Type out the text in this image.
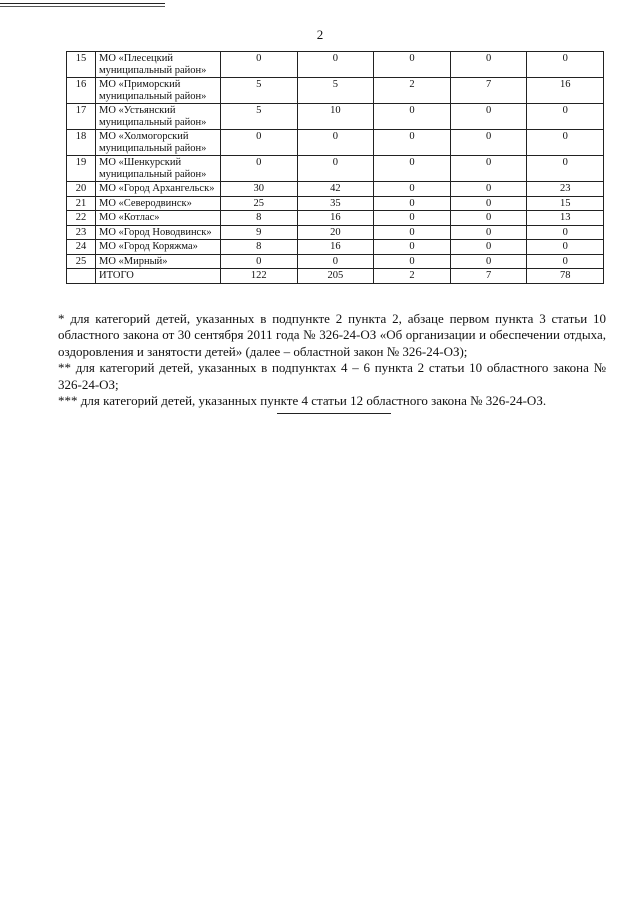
2
15	МО «Плесецкий муниципальный район»	0	0	0	0	0
16	МО «Приморский муниципальный район»	5	5	2	7	16
17	МО «Устьянский муниципальный район»	5	10	0	0	0
18	МО «Холмогорский муниципальный район»	0	0	0	0	0
19	МО «Шенкурский муниципальный район»	0	0	0	0	0
20	МО «Город Архангельск»	30	42	0	0	23
21	МО «Северодвинск»	25	35	0	0	15
22	МО «Котлас»	8	16	0	0	13
23	МО «Город Новодвинск»	9	20	0	0	0
24	МО «Город Коряжма»	8	16	0	0	0
25	МО «Мирный»	0	0	0	0	0
	ИТОГО	122	205	2	7	78

* для категорий детей, указанных в подпункте 2 пункта 2, абзаце первом пункта 3 статьи 10 областного закона от 30 сентября 2011 года № 326-24-ОЗ «Об организации и обеспечении отдыха, оздоровления и занятости детей» (далее – областной закон № 326-24-ОЗ);

** для категорий детей, указанных в подпунктах 4 – 6 пункта 2 статьи 10 областного закона № 326-24-ОЗ;

*** для категорий детей, указанных пункте 4 статьи 12 областного закона № 326-24-ОЗ.
